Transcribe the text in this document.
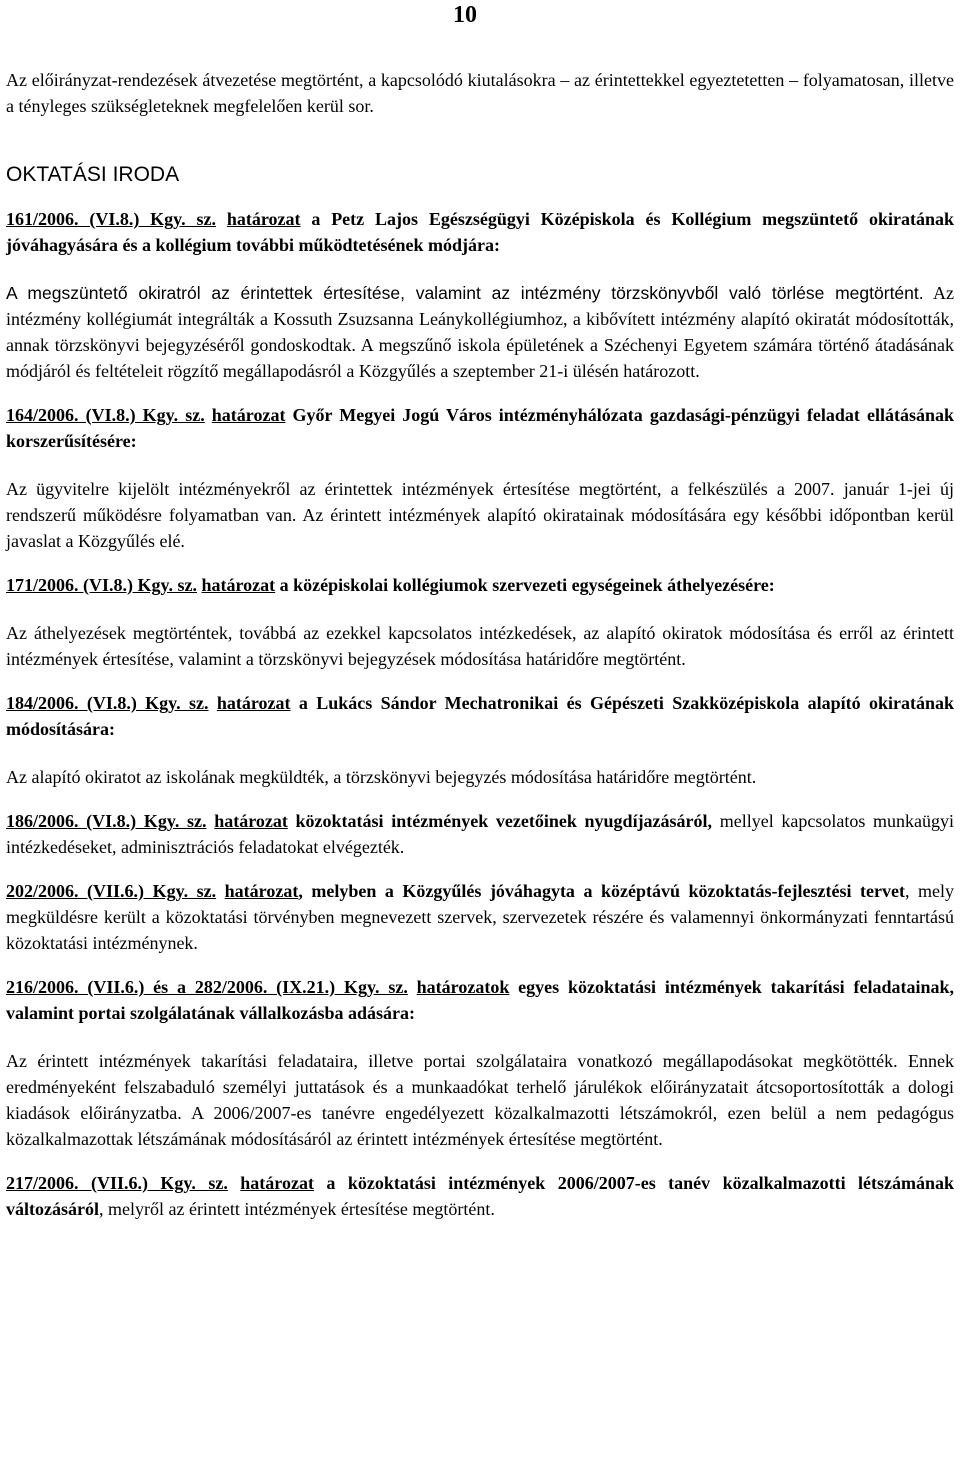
10

Az előirányzat-rendezések átvezetése megtörtént, a kapcsolódó kiutalásokra – az érintettekkel egyeztetetten – folyamatosan, illetve a tényleges szükségleteknek megfelelően kerül sor.

OKTATÁSI IRODA

161/2006. (VI.8.) Kgy. sz. határozat a Petz Lajos Egészségügyi Középiskola és Kollégium megszüntető okiratának jóváhagyására és a kollégium további működtetésének módjára:

A megszüntető okiratról az érintettek értesítése, valamint az intézmény törzskönyvből való törlése megtörtént. Az intézmény kollégiumát integrálták a Kossuth Zsuzsanna Leánykollégiumhoz, a kibővített intézmény alapító okiratát módosították, annak törzskönyvi bejegyzéséről gondoskodtak. A megszűnő iskola épületének a Széchenyi Egyetem számára történő átadásának módjáról és feltételeit rögzítő megállapodásról a Közgyűlés a szeptember 21-i ülésén határozott.

164/2006. (VI.8.) Kgy. sz. határozat Győr Megyei Jogú Város intézményhálózata gazdasági-pénzügyi feladat ellátásának korszerűsítésére:

Az ügyvitelre kijelölt intézményekről az érintettek intézmények értesítése megtörtént, a felkészülés a 2007. január 1-jei új rendszerű működésre folyamatban van. Az érintett intézmények alapító okiratainak módosítására egy későbbi időpontban kerül javaslat a Közgyűlés elé.

171/2006. (VI.8.) Kgy. sz. határozat a középiskolai kollégiumok szervezeti egységeinek áthelyezésére:

Az áthelyezések megtörténtek, továbbá az ezekkel kapcsolatos intézkedések, az alapító okiratok módosítása és erről az érintett intézmények értesítése, valamint a törzskönyvi bejegyzések módosítása határidőre megtörtént.

184/2006. (VI.8.) Kgy. sz. határozat a Lukács Sándor Mechatronikai és Gépészeti Szakközépiskola alapító okiratának módosítására:

Az alapító okiratot az iskolának megküldték, a törzskönyvi bejegyzés módosítása határidőre megtörtént.

186/2006. (VI.8.) Kgy. sz. határozat közoktatási intézmények vezetőinek nyugdíjazásáról, mellyel kapcsolatos munkaügyi intézkedéseket, adminisztrációs feladatokat elvégezték.

202/2006. (VII.6.) Kgy. sz. határozat, melyben a Közgyűlés jóváhagyta a középtávú közoktatás-fejlesztési tervet, mely megküldésre került a közoktatási törvényben megnevezett szervek, szervezetek részére és valamennyi önkormányzati fenntartású közoktatási intézménynek.

216/2006. (VII.6.) és a 282/2006. (IX.21.) Kgy. sz. határozatok egyes közoktatási intézmények takarítási feladatainak, valamint portai szolgálatának vállalkozásba adására:

Az érintett intézmények takarítási feladataira, illetve portai szolgálataira vonatkozó megállapodásokat megkötötték. Ennek eredményeként felszabaduló személyi juttatások és a munkaadókat terhelő járulékok előirányzatait átcsoportosították a dologi kiadások előirányzatba. A 2006/2007-es tanévre engedélyezett közalkalmazotti létszámokról, ezen belül a nem pedagógus közalkalmazottak létszámának módosításáról az érintett intézmények értesítése megtörtént.

217/2006. (VII.6.) Kgy. sz. határozat a közoktatási intézmények 2006/2007-es tanév közalkalmazotti létszámának változásáról, melyről az érintett intézmények értesítése megtörtént.
